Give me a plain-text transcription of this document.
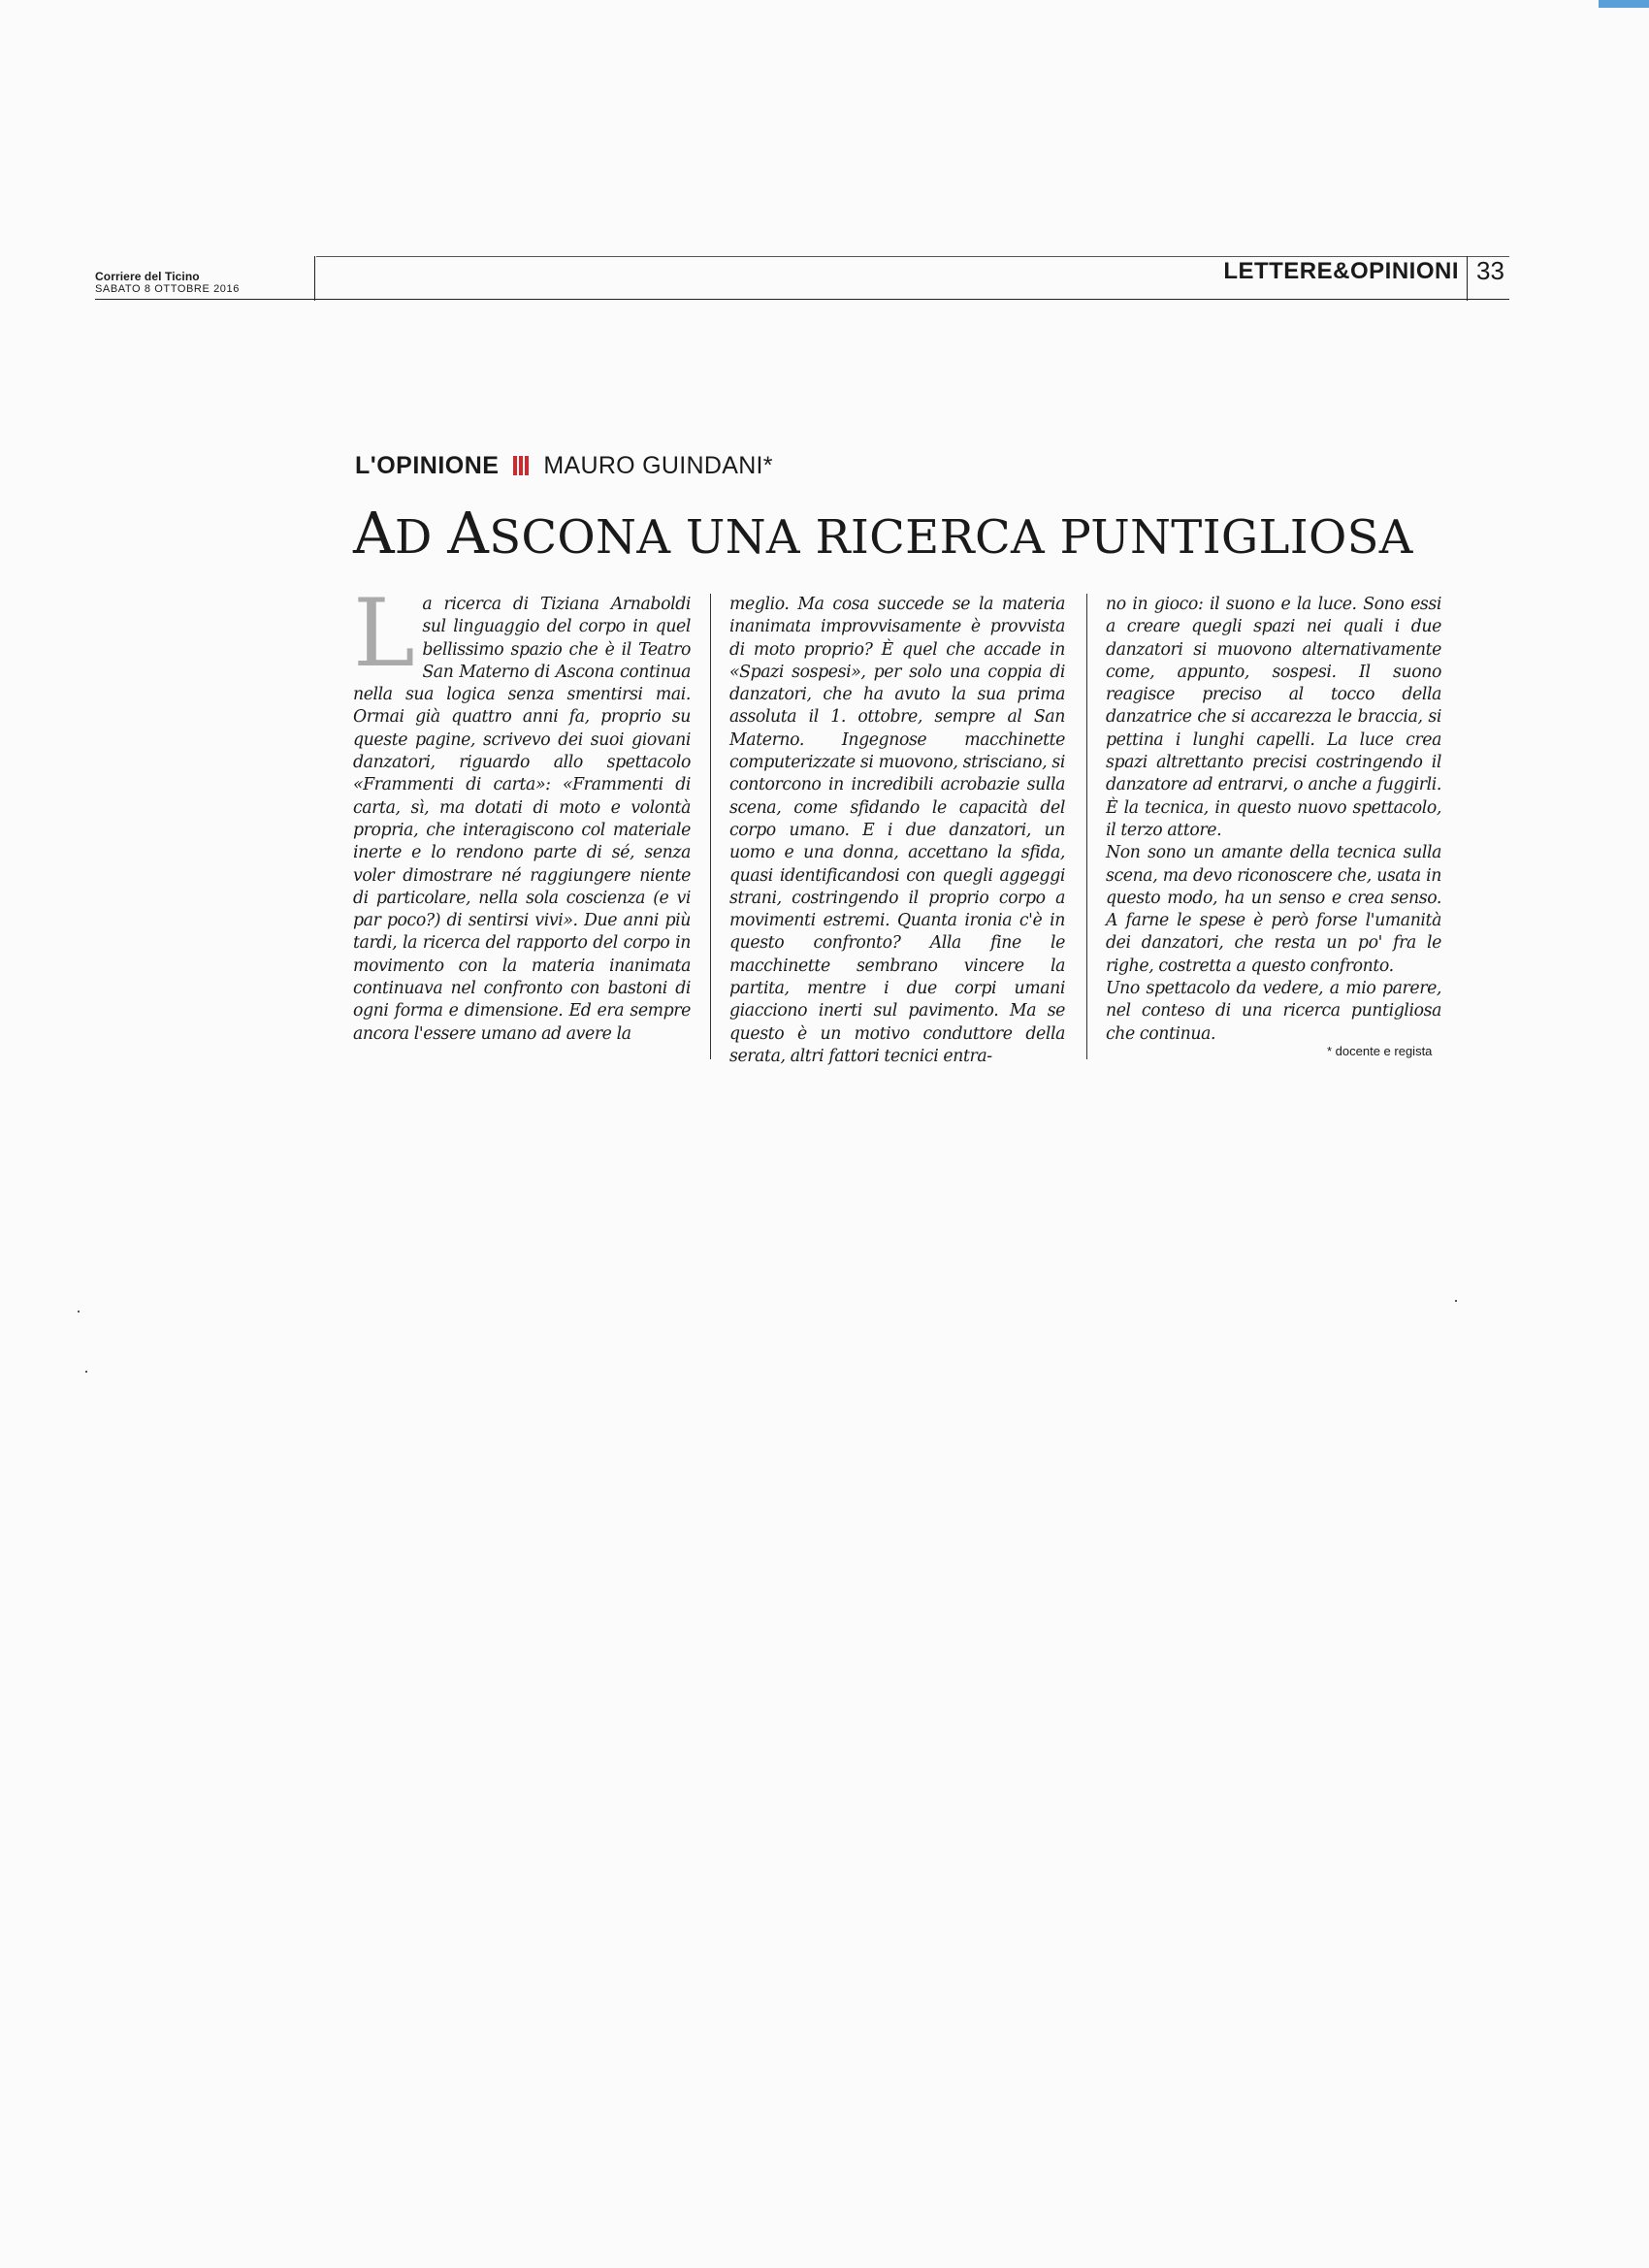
Corriere del Ticino
SABATO 8 OTTOBRE 2016
LETTERE&OPINIONI 33
L'OPINIONE MAURO GUINDANI*
AD ASCONA UNA RICERCA PUNTIGLIOSA
L a ricerca di Tiziana Arnaboldi sul linguaggio del corpo in quel bellissimo spazio che è il Teatro San Materno di Ascona continua nella sua logica senza smentirsi mai. Ormai già quattro anni fa, proprio su queste pagine, scrivevo dei suoi giovani danzatori, riguardo allo spettacolo «Frammenti di carta»: «Frammenti di carta, sì, ma dotati di moto e volontà propria, che interagiscono col materiale inerte e lo rendono parte di sé, senza voler dimostrare né raggiungere niente di particolare, nella sola coscienza (e vi par poco?) di sentirsi vivi». Due anni più tardi, la ricerca del rapporto del corpo in movimento con la materia inanimata continuava nel confronto con bastoni di ogni forma e dimensione. Ed era sempre ancora l'essere umano ad avere la

meglio. Ma cosa succede se la materia inanimata improvvisamente è provvista di moto proprio? È quel che accade in «Spazi sospesi», per solo una coppia di danzatori, che ha avuto la sua prima assoluta il 1. ottobre, sempre al San Materno. Ingegnose macchinette computerizzate si muovono, strisciano, si contorcono in incredibili acrobazie sulla scena, come sfidando le capacità del corpo umano. E i due danzatori, un uomo e una donna, accettano la sfida, quasi identificandosi con quegli aggeggi strani, costringendo il proprio corpo a movimenti estremi. Quanta ironia c'è in questo confronto? Alla fine le macchinette sembrano vincere la partita, mentre i due corpi umani giacciono inerti sul pavimento. Ma se questo è un motivo conduttore della serata, altri fattori tecnici entra-

no in gioco: il suono e la luce. Sono essi a creare quegli spazi nei quali i due danzatori si muovono alternativamente come, appunto, sospesi. Il suono reagisce preciso al tocco della danzatrice che si accarezza le braccia, si pettina i lunghi capelli. La luce crea spazi altrettanto precisi costringendo il danzatore ad entrarvi, o anche a fuggirli. È la tecnica, in questo nuovo spettacolo, il terzo attore.

Non sono un amante della tecnica sulla scena, ma devo riconoscere che, usata in questo modo, ha un senso e crea senso. A farne le spese è però forse l'umanità dei danzatori, che resta un po' fra le righe, costretta a questo confronto.

Uno spettacolo da vedere, a mio parere, nel conteso di una ricerca puntigliosa che continua.

* docente e regista
